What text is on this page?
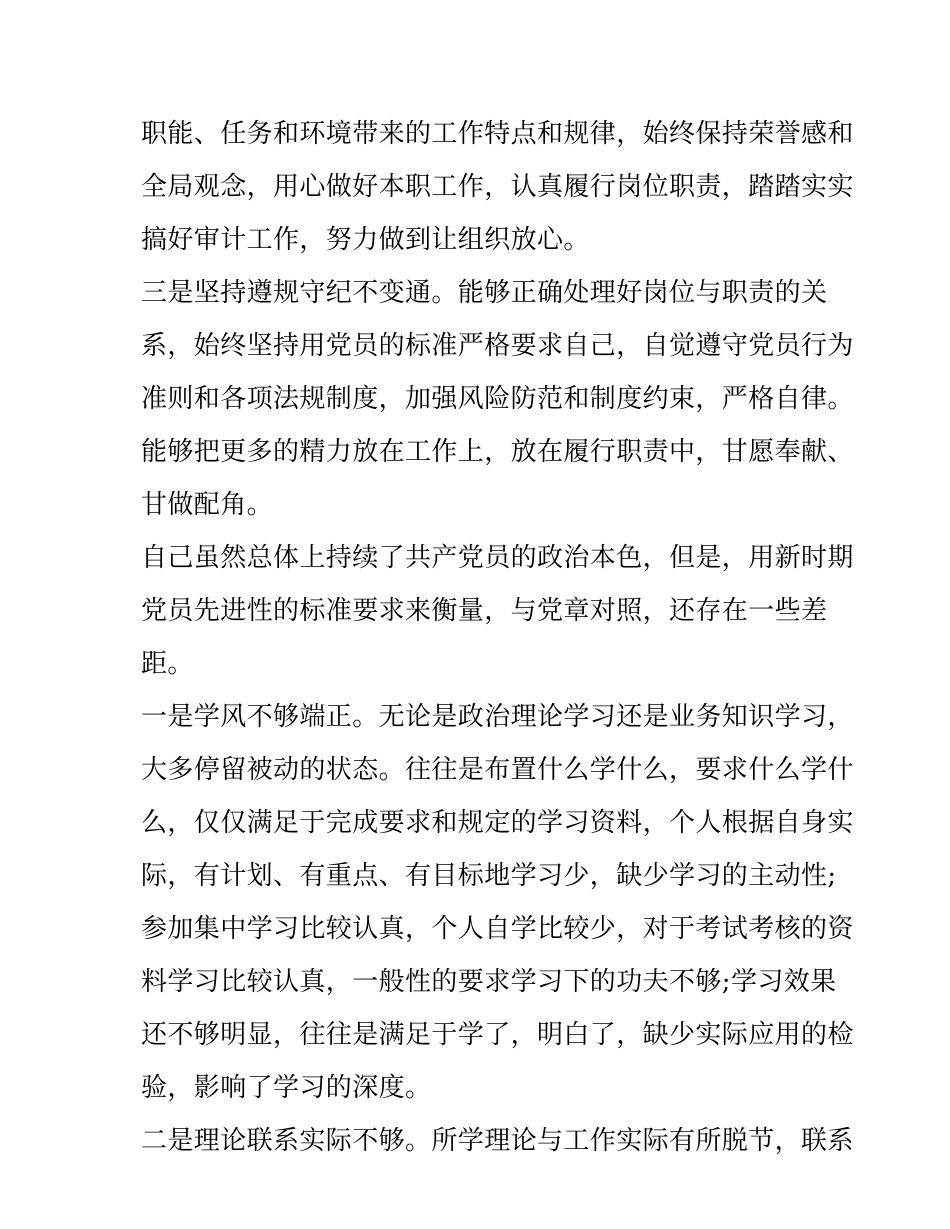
职能、任务和环境带来的工作特点和规律，始终保持荣誉感和
全局观念，用心做好本职工作，认真履行岗位职责，踏踏实实
搞好审计工作，努力做到让组织放心。
三是坚持遵规守纪不变通。能够正确处理好岗位与职责的关
系，始终坚持用党员的标准严格要求自己，自觉遵守党员行为
准则和各项法规制度，加强风险防范和制度约束，严格自律。
能够把更多的精力放在工作上，放在履行职责中，甘愿奉献、
甘做配角。
自己虽然总体上持续了共产党员的政治本色，但是，用新时期
党员先进性的标准要求来衡量，与党章对照，还存在一些差
距。
一是学风不够端正。无论是政治理论学习还是业务知识学习，
大多停留被动的状态。往往是布置什么学什么，要求什么学什
么，仅仅满足于完成要求和规定的学习资料，个人根据自身实
际，有计划、有重点、有目标地学习少，缺少学习的主动性;
参加集中学习比较认真，个人自学比较少，对于考试考核的资
料学习比较认真，一般性的要求学习下的功夫不够;学习效果
还不够明显，往往是满足于学了，明白了，缺少实际应用的检
验，影响了学习的深度。
二是理论联系实际不够。所学理论与工作实际有所脱节，联系
